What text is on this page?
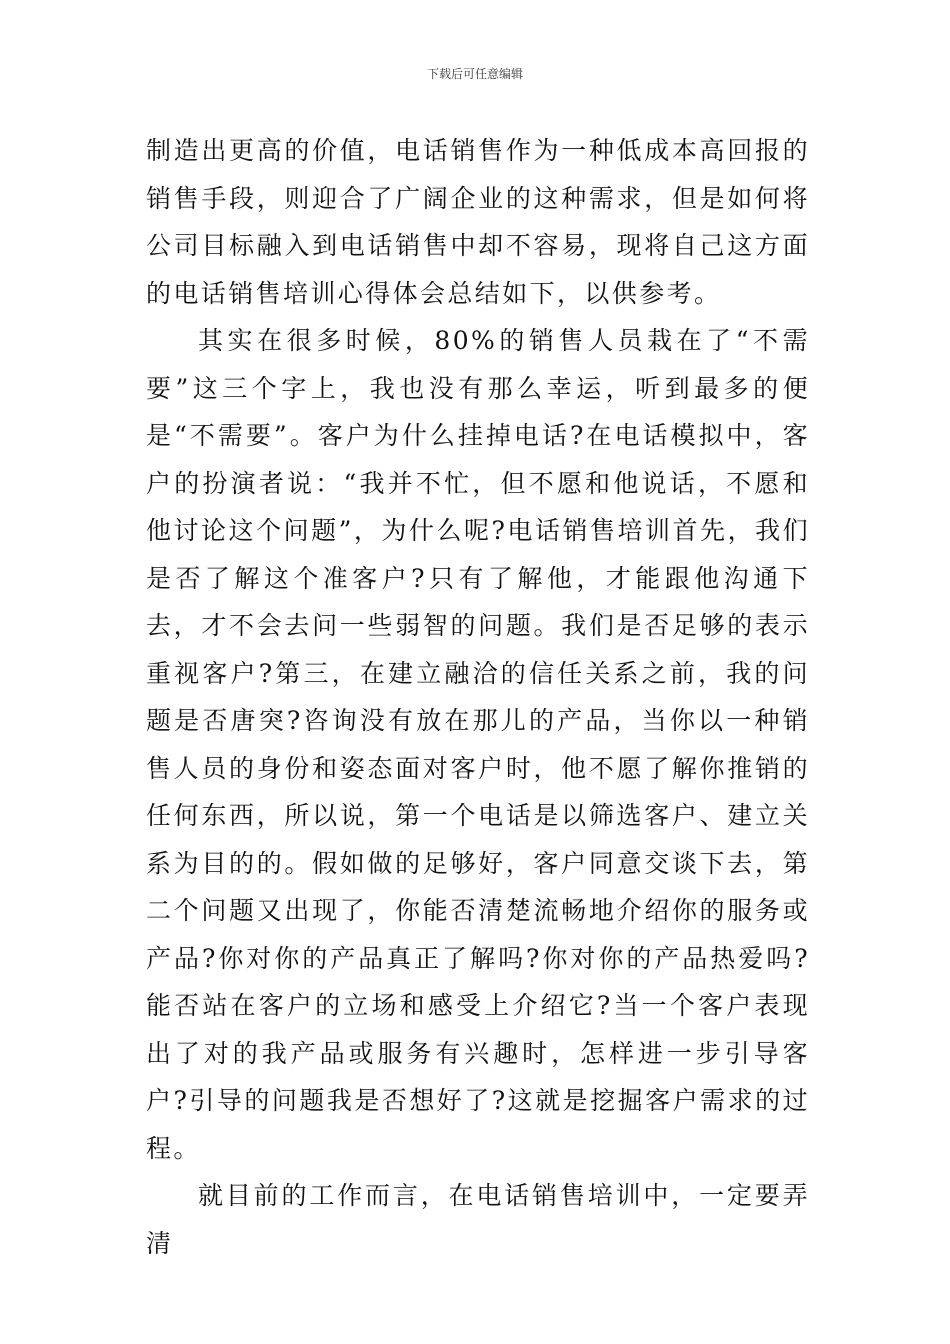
下载后可任意编辑

制造出更高的价值，电话销售作为一种低成本高回报的销售手段，则迎合了广阔企业的这种需求，但是如何将公司目标融入到电话销售中却不容易，现将自己这方面的电话销售培训心得体会总结如下，以供参考。

其实在很多时候，80%的销售人员栽在了“不需要”这三个字上，我也没有那么幸运，听到最多的便是“不需要”。客户为什么挂掉电话?在电话模拟中，客户的扮演者说：“我并不忙，但不愿和他说话，不愿和他讨论这个问题”，为什么呢?电话销售培训首先，我们是否了解这个准客户?只有了解他，才能跟他沟通下去，才不会去问一些弱智的问题。我们是否足够的表示重视客户?第三，在建立融洽的信任关系之前，我的问题是否唐突?咨询没有放在那儿的产品，当你以一种销售人员的身份和姿态面对客户时，他不愿了解你推销的任何东西，所以说，第一个电话是以筛选客户、建立关系为目的的。假如做的足够好，客户同意交谈下去，第二个问题又出现了，你能否清楚流畅地介绍你的服务或产品?你对你的产品真正了解吗?你对你的产品热爱吗?能否站在客户的立场和感受上介绍它?当一个客户表现出了对的我产品或服务有兴趣时，怎样进一步引导客户?引导的问题我是否想好了?这就是挖掘客户需求的过程。

就目前的工作而言，在电话销售培训中，一定要弄清
